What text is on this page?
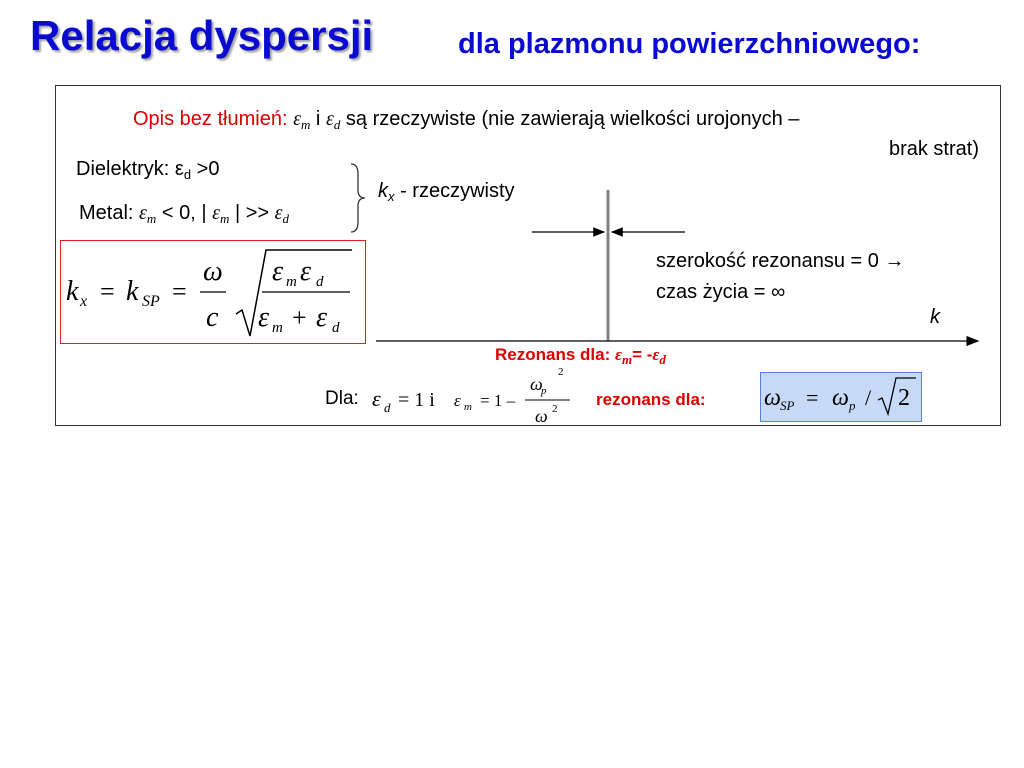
Relacja dyspersji	dla plazmonu powierzchniowego:
Opis bez tłumień: $\varepsilon_m$ i $\varepsilon_d$ są rzeczywiste (nie zawierają wielkości urojonych –
brak strat)
Dielektryk: $\varepsilon_d >0$
Metal: $\varepsilon_m < 0$, | $\varepsilon_m$ | >> $\varepsilon_d$
$k_x$ - rzeczywisty
k x = k SP =
ω
c
ε m ε d
ε m + ε d
szerokość rezonansu = 0 →
czas życia = ∞
k
Rezonans dla: $\varepsilon_m= -\varepsilon_d$
Dla: ε d = 1 i ε m = 1 –
ω
p
2
ω 2 rezonans dla: ω SP = ω p / 2
